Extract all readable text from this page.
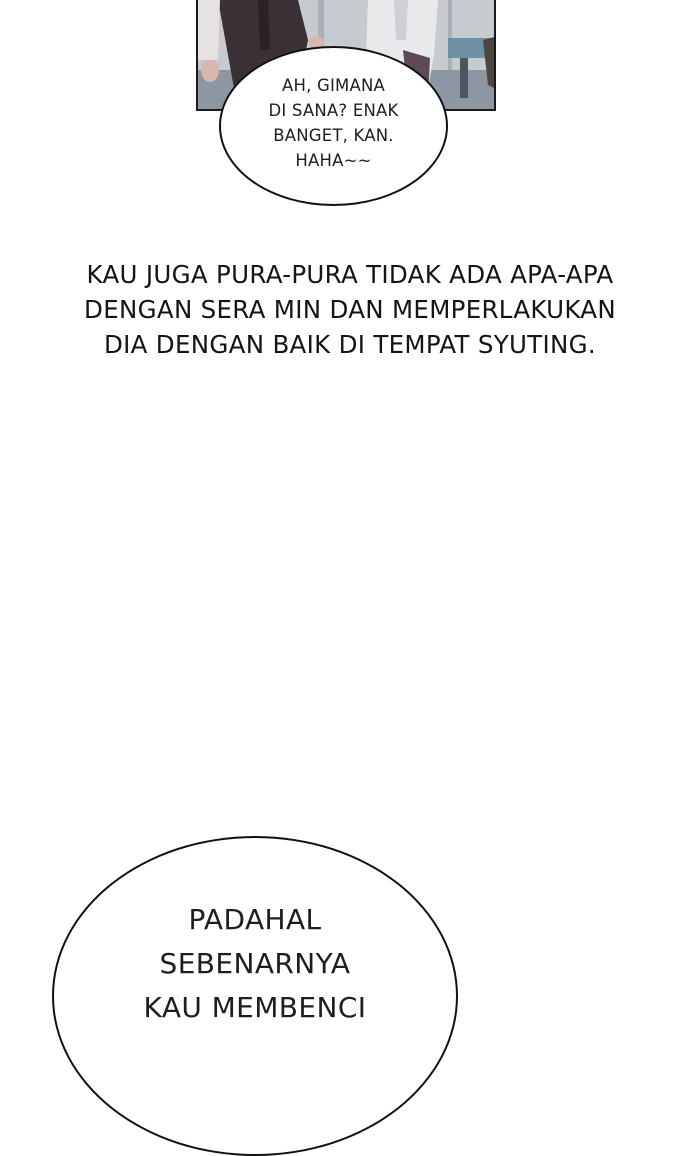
AH, GIMANA
DI SANA? ENAK
BANGET, KAN.
HAHA~~
KAU JUGA PURA-PURA TIDAK ADA APA-APA
DENGAN SERA MIN DAN MEMPERLAKUKAN
DIA DENGAN BAIK DI TEMPAT SYUTING.
PADAHAL
SEBENARNYA
KAU MEMBENCI
